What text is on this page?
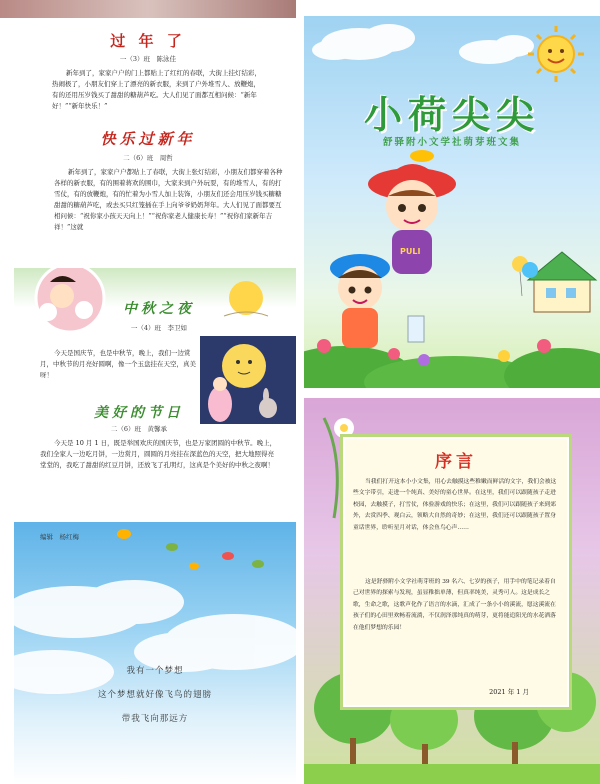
过 年 了
一（3）班　陈泳佳
新年到了，家家户户的门上都贴上了红红的春联，大街上挂灯结彩，热闹极了，小朋友们穿上了漂亮的新衣服，来到了户外堆雪人、放鞭炮，有的还用压岁钱买了甜甜的糖葫芦吃。大人们见了面都互相问候：“新年好！”“新年快乐！”
快乐过新年
二（6）班　周哲
新年到了，家家户户都贴上了春联，大街上张灯结彩，小朋友们都穿着各种各样的新衣服，有的围着蒋欢的围巾，大家来到户外玩耍，有的堆雪人，有的打雪仗，有的放鞭炮，有的忙着为小雪人加上装饰，小朋友们还会用压岁钱买糖糖甜甜的糖葫芦吃，或去买只红笼插在手上向爷爷奶奶拜年。大人们见了面都要互相问候：“祝你家小孩天天向上！”“祝你家老人健康长寿！”“祝你们家新年吉祥！”这就
PULI
小荷尖尖
舒驿附小文学社萌芽班文集
中秋之夜
一（4）班　李卫如
今天是国庆节，也是中秋节，晚上，我们一边赏月，中秋节的月亮好圆啊，像一个玉盘挂在天空，真美呀！
美好的节日
二（6）班　黄馨承
今天是 10 月 1 日，既是举国欢庆的国庆节，也是万家团圆的中秋节。晚上，我们全家人一边吃月饼，一边赏月，圆圆的月亮挂在深蓝色的天空，把大地照得亮堂堂的，我吃了甜甜的红豆月饼，还放飞了孔明灯，这真是个美好的中秋之夜啊！
编辑　杨红梅
我有一个梦想
这个梦想就好像飞鸟的翅膀
带我飞向那远方
序言
当我们打开这本小小文集，用心去触摸这些稚嫩而鲜活的文字，我们会被这些文字带引，走进一个纯真、美好的童心世界。在这里，我们可以跟随孩子走进校园，去触摸子，打雪仗，体验游戏的快乐；在这里，我们可以跟随孩子来到郊外，去赏四季、观白云，领略大自然的奇妙；在这里，我们还可以跟随孩子置身童话世界，聆听星月对话，体会鱼鸟心声……
这是舒驿附小文学社萌芽班的 39 名六、七岁的孩子，用手中的笔记录着自己对世界的探索与发现，虽显稚拙单薄，但真率纯美，灵秀可人。这是成长之歌，生命之歌，这歌声化作了语言的水滴，汇成了一条小小的溪流，愿这溪流在孩子们的心田里欢畅着流淌，不仅润泽那纯真的萌芽，更将能追阳光的水花洒落在他们梦想的乐园！
2021 年 1 月
